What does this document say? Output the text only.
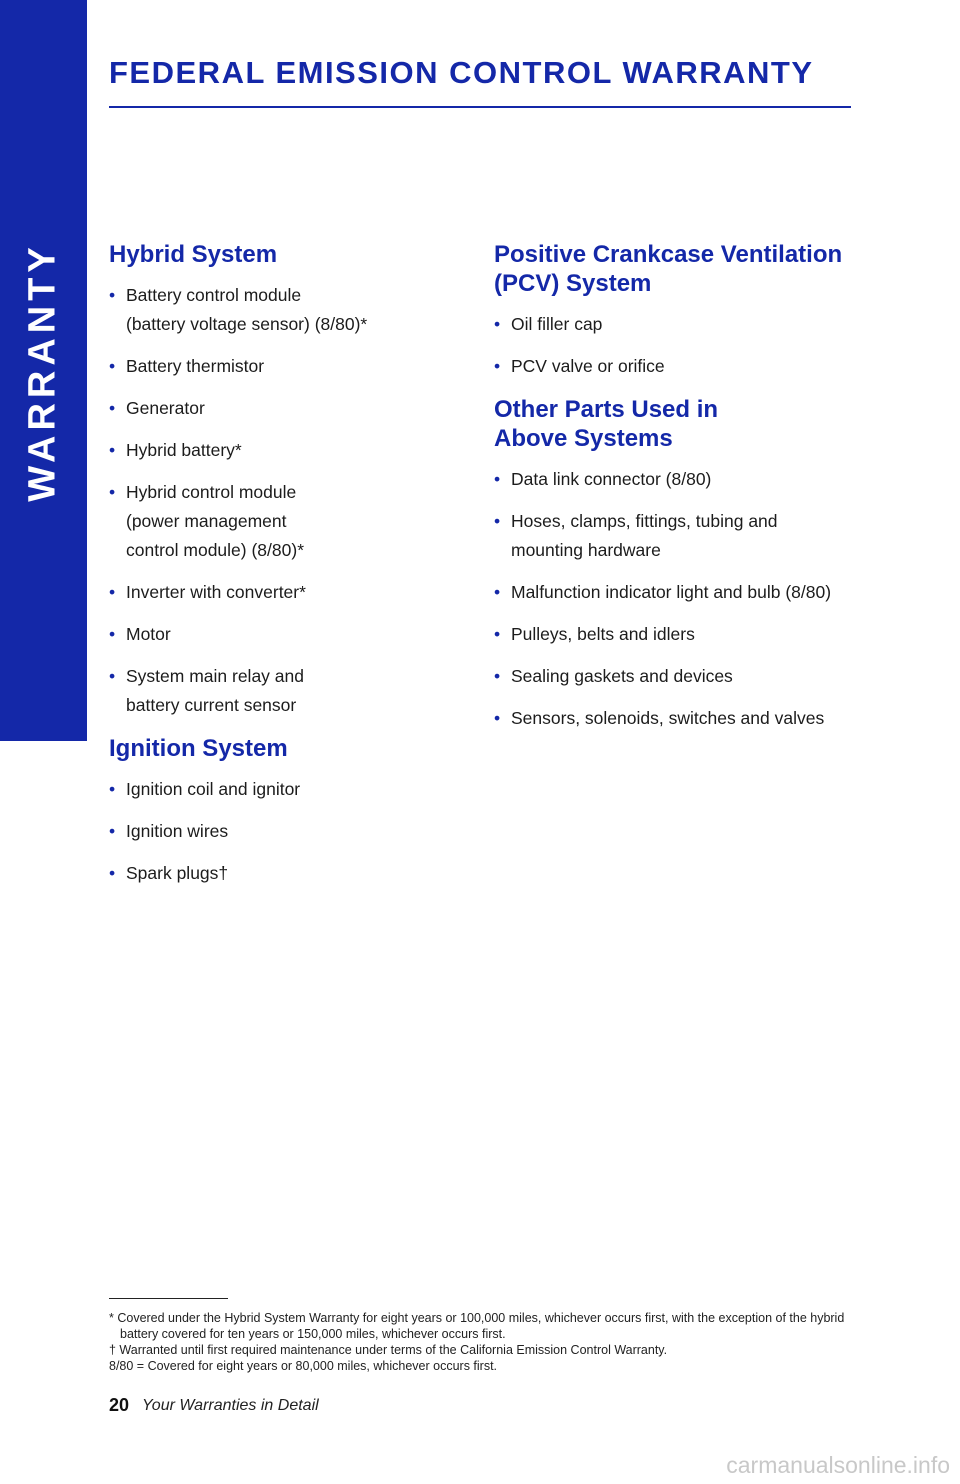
WARRANTY
FEDERAL EMISSION CONTROL WARRANTY
Hybrid System
• Battery control module
(battery voltage sensor) (8/80)*
• Battery thermistor
• Generator
• Hybrid battery*
• Hybrid control module
(power management
control module) (8/80)*
• Inverter with converter*
• Motor
• System main relay and
battery current sensor
Ignition System
• Ignition coil and ignitor
• Ignition wires
• Spark plugs†
Positive Crankcase Ventilation
(PCV) System
• Oil filler cap
• PCV valve or orifice
Other Parts Used in
Above Systems
• Data link connector (8/80)
• Hoses, clamps, fittings, tubing and
mounting hardware
• Malfunction indicator light and bulb (8/80)
• Pulleys, belts and idlers
• Sealing gaskets and devices
• Sensors, solenoids, switches and valves
* Covered under the Hybrid System Warranty for eight years or 100,000 miles, whichever occurs first, with the exception of the hybrid battery covered for ten years or 150,000 miles, whichever occurs first.
† Warranted until first required maintenance under terms of the California Emission Control Warranty.
8/80 = Covered for eight years or 80,000 miles, whichever occurs first.
20 Your Warranties in Detail
carmanualsonline.info
